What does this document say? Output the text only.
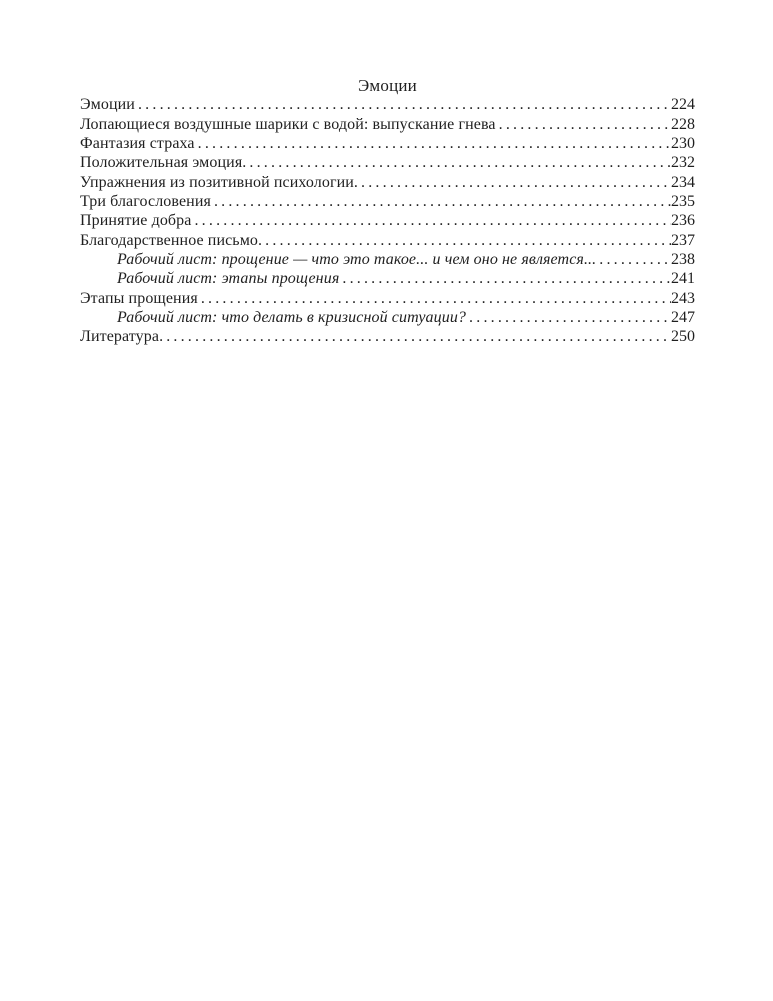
Эмоции
Эмоции . . .	224
Лопающиеся воздушные шарики с водой: выпускание гнева . . .	228
Фантазия страха . . .	230
Положительная эмоция. . . .	232
Упражнения из позитивной психологии. . . .	234
Три благословения . . .	235
Принятие добра . . .	236
Благодарственное письмо. . . .	237
Рабочий лист: прощение — что это такое... и чем оно не является... . . .	238
Рабочий лист: этапы прощения . . .	241
Этапы прощения . . .	243
Рабочий лист: что делать в кризисной ситуации? . . .	247
Литература. . . .	250
